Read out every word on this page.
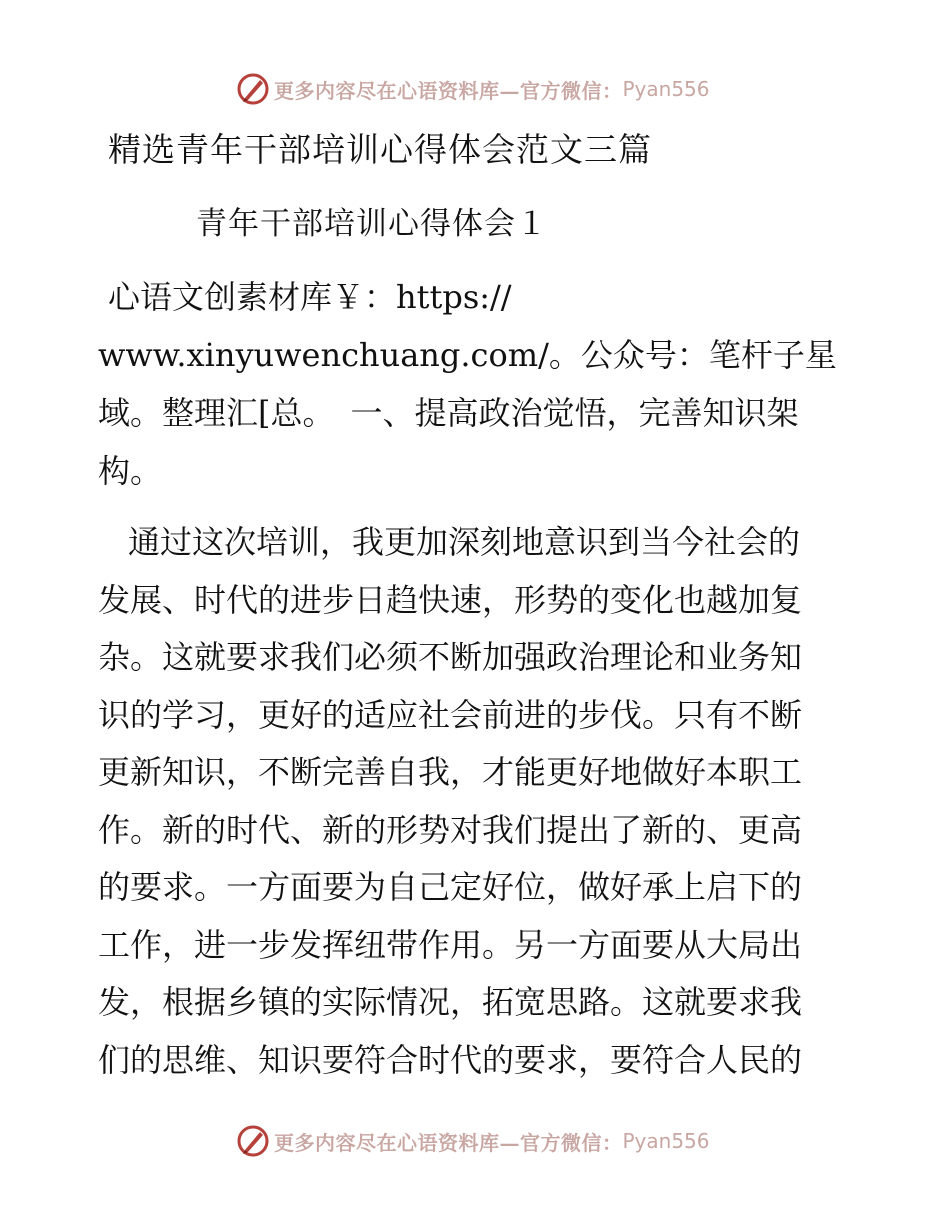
更多内容尽在心语资料库—官方微信： Pyan556
精选青年干部培训心得体会范文三篇
青年干部培训心得体会１
心语文创素材库￥：https://
www.xinyuwenchuang.com/。公众号：笔杆子星
域。整理汇[总。　一、提高政治觉悟，完善知识架
构。
通过这次培训，我更加深刻地意识到当今社会的
发展、时代的进步日趋快速，形势的变化也越加复
杂。这就要求我们必须不断加强政治理论和业务知
识的学习，更好的适应社会前进的步伐。只有不断
更新知识，不断完善自我，才能更好地做好本职工
作。新的时代、新的形势对我们提出了新的、更高
的要求。一方面要为自己定好位，做好承上启下的
工作，进一步发挥纽带作用。另一方面要从大局出
发，根据乡镇的实际情况，拓宽思路。这就要求我
们的思维、知识要符合时代的要求，要符合人民的
更多内容尽在心语资料库—官方微信： Pyan556
